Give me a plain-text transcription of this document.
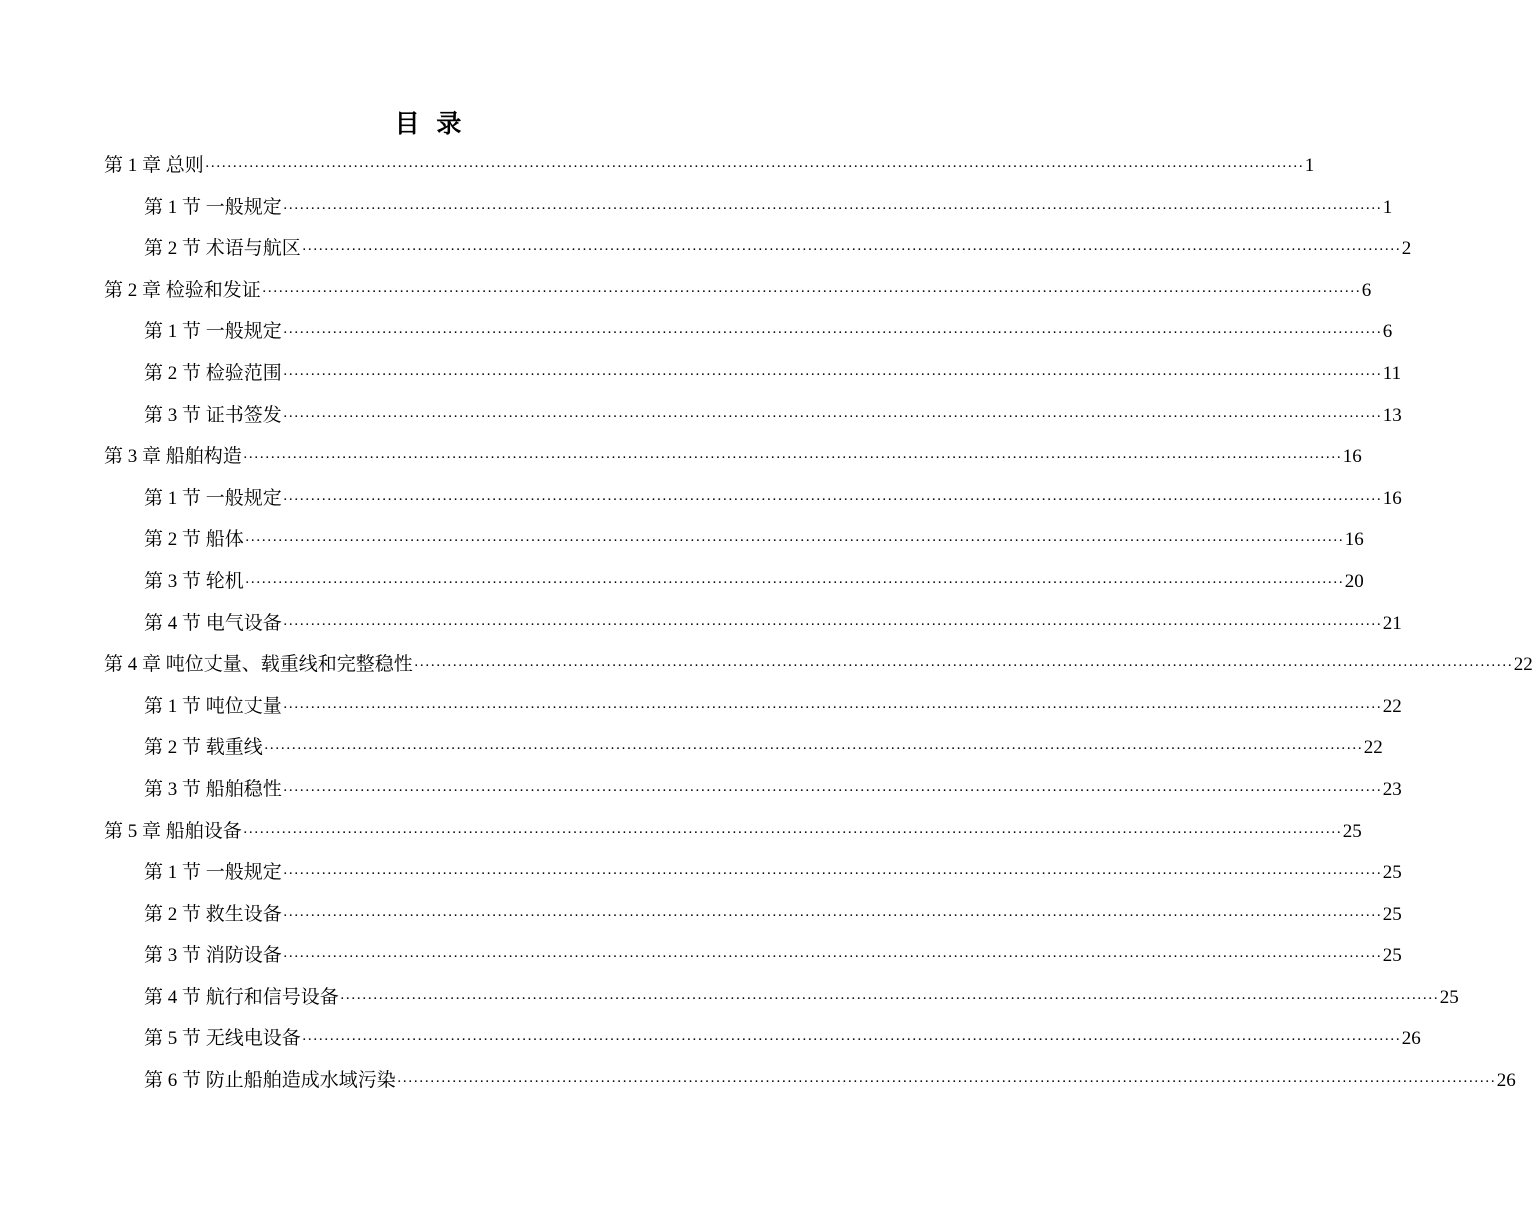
目 录
第 1 章 总则 ········································································································································································································ 1
第 1 节 一般规定 ········································································································································································································ 1
第 2 节 术语与航区 ········································································································································································································ 2
第 2 章 检验和发证 ········································································································································································································ 6
第 1 节 一般规定 ········································································································································································································ 6
第 2 节 检验范围 ········································································································································································································ 11
第 3 节 证书签发 ········································································································································································································ 13
第 3 章 船舶构造 ········································································································································································································ 16
第 1 节 一般规定 ········································································································································································································ 16
第 2 节 船体 ········································································································································································································ 16
第 3 节 轮机 ········································································································································································································ 20
第 4 节 电气设备 ········································································································································································································ 21
第 4 章 吨位丈量、载重线和完整稳性 ········································································································································································································ 22
第 1 节 吨位丈量 ········································································································································································································ 22
第 2 节 载重线 ········································································································································································································ 22
第 3 节 船舶稳性 ········································································································································································································ 23
第 5 章 船舶设备 ········································································································································································································ 25
第 1 节 一般规定 ········································································································································································································ 25
第 2 节 救生设备 ········································································································································································································ 25
第 3 节 消防设备 ········································································································································································································ 25
第 4 节 航行和信号设备 ········································································································································································································ 25
第 5 节 无线电设备 ········································································································································································································ 26
第 6 节 防止船舶造成水域污染 ········································································································································································································ 26
